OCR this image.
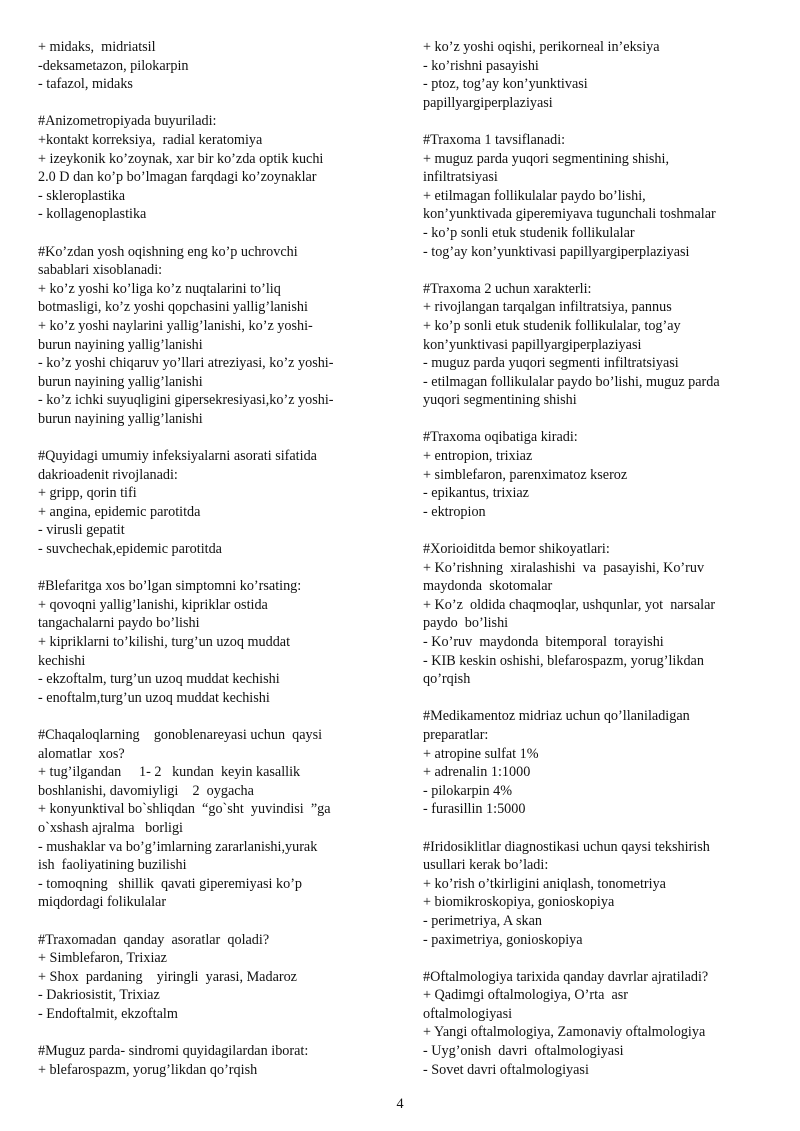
+ midaks,  midriatsil
-deksametazon, pilokarpin
- tafazol, midaks
#Anizometropiyada buyuriladi:
+kontakt korreksiya,  radial keratomiya
+ izeykonik ko’zoynak, xar bir ko’zda optik kuchi
2.0 D dan ko’p bo’lmagan farqdagi ko’zoynaklar
- skleroplastika
- kollagenoplastika
#Ko’zdan yosh oqishning eng ko’p uchrovchi
sabablari xisoblanadi:
+ ko’z yoshi ko’liga ko’z nuqtalarini to’liq
botmasligi, ko’z yoshi qopchasini yallig’lanishi
+ ko’z yoshi naylarini yallig’lanishi, ko’z yoshi-
burun nayining yallig’lanishi
- ko’z yoshi chiqaruv yo’llari atreziyasi, ko’z yoshi-
burun nayining yallig’lanishi
- ko’z ichki suyuqligini gipersekresiyasi,ko’z yoshi-
burun nayining yallig’lanishi
#Quyidagi umumiy infeksiyalarni asorati sifatida
dakrioadenit rivojlanadi:
+ gripp, qorin tifi
+ angina, epidemic parotitda
- virusli gepatit
- suvchechak,epidemic parotitda
#Blefaritga xos bo’lgan simptomni ko’rsating:
+ qovoqni yallig’lanishi, kipriklar ostida
tangachalarni paydo bo’lishi
+ kipriklarni to’kilishi, turg’un uzoq muddat
kechishi
- ekzoftalm, turg’un uzoq muddat kechishi
- enoftalm,turg’un uzoq muddat kechishi
#Chaqaloqlarning    gonoblenareyasi uchun  qaysi
alomatlar  xos?
+ tug’ilgandan     1- 2   kundan  keyin kasallik
boshlanishi, davomiyligi    2  oygacha
+ konyunktival bo`shliqdan  “go`sht  yuvindisi  ”ga
o`xshash ajralma   borligi
- mushaklar va bo’g’imlarning zararlanishi,yurak
ish  faoliyatining buzilishi
- tomoqning   shillik  qavati giperemiyasi ko’p
miqdordagi folikulalar
#Traxomadan  qanday  asoratlar  qoladi?
+ Simblefaron, Trixiaz
+ Shox  pardaning    yiringli  yarasi, Madaroz
- Dakriosistit, Trixiaz
- Endoftalmit, ekzoftalm
#Muguz parda- sindromi quyidagilardan iborat:
+ blefarospazm, yorug’likdan qo’rqish
+ ko’z yoshi oqishi, perikorneal in’eksiya
- ko’rishni pasayishi
- ptoz, tog’ay kon’yunktivasi
papillyargiperplaziyasi
#Traxoma 1 tavsiflanadi:
+ muguz parda yuqori segmentining shishi,
infiltratsiyasi
+ etilmagan follikulalar paydo bo’lishi,
kon’yunktivada giperemiyava tugunchali toshmalar
- ko’p sonli etuk studenik follikulalar
- tog’ay kon’yunktivasi papillyargiperplaziyasi
#Traxoma 2 uchun xarakterli:
+ rivojlangan tarqalgan infiltratsiya, pannus
+ ko’p sonli etuk studenik follikulalar, tog’ay
kon’yunktivasi papillyargiperplaziyasi
- muguz parda yuqori segmenti infiltratsiyasi
- etilmagan follikulalar paydo bo’lishi, muguz parda
yuqori segmentining shishi
#Traxoma oqibatiga kiradi:
+ entropion, trixiaz
+ simblefaron, parenximatoz kseroz
- epikantus, trixiaz
- ektropion
#Xorioiditda bemor shikoyatlari:
+ Ko’rishning  xiralashishi  va  pasayishi, Ko’ruv
maydonda  skotomalar
+ Ko’z  oldida chaqmoqlar, ushqunlar, yot  narsalar
paydo  bo’lishi
- Ko’ruv  maydonda  bitemporal  torayishi
- KIB keskin oshishi, blefarospazm, yorug’likdan
qo’rqish
#Medikamentoz midriaz uchun qo’llaniladigan
preparatlar:
+ atropine sulfat 1%
+ adrenalin 1:1000
- pilokarpin 4%
- furasillin 1:5000
#Iridosiklitlar diagnostikasi uchun qaysi tekshirish
usullari kerak bo’ladi:
+ ko’rish o’tkirligini aniqlash, tonometriya
+ biomikroskopiya, gonioskopiya
- perimetriya, A skan
- paximetriya, gonioskopiya
#Oftalmologiya tarixida qanday davrlar ajratiladi?
+ Qadimgi oftalmologiya, O’rta  asr
oftalmologiyasi
+ Yangi oftalmologiya, Zamonaviy oftalmologiya
- Uyg’onish  davri  oftalmologiyasi
- Sovet davri oftalmologiyasi
4
